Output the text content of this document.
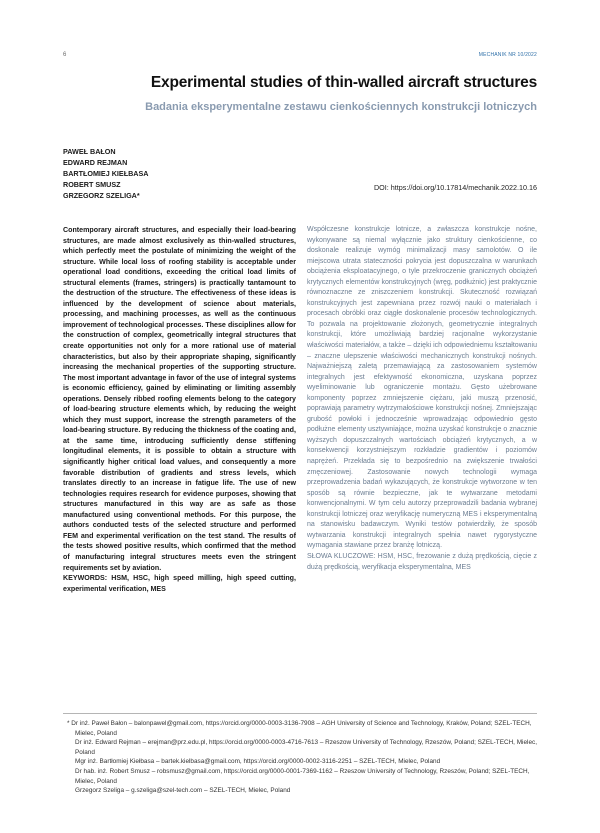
6	MECHANIK NR 10/2022
Experimental studies of thin-walled aircraft structures
Badania eksperymentalne zestawu cienkościennych konstrukcji lotniczych
PAWEŁ BAŁON
EDWARD REJMAN
BARTŁOMIEJ KIEŁBASA
ROBERT SMUSZ
GRZEGORZ SZELIGA*
DOI: https://doi.org/10.17814/mechanik.2022.10.16

Contemporary aircraft structures, and especially their load-bearing structures, are made almost exclusively as thin-walled structures, which perfectly meet the postulate of minimizing the weight of the structure. While local loss of roofing stability is acceptable under operational load conditions, exceeding the critical load limits of structural elements (frames, stringers) is practically tantamount to the destruction of the structure. The effectiveness of these ideas is influenced by the development of science about materials, processing, and machining processes, as well as the continuous improvement of technological processes. These disciplines allow for the construction of complex, geometrically integral structures that create opportunities not only for a more rational use of material characteristics, but also by their appropriate shaping, significantly increasing the mechanical properties of the supporting structure. The most important advantage in favor of the use of integral systems is economic efficiency, gained by eliminating or limiting assembly operations. Densely ribbed roofing elements belong to the category of load-bearing structure elements which, by reducing the weight which they must support, increase the strength parameters of the load-bearing structure. By reducing the thickness of the coating and, at the same time, introducing sufficiently dense stiffening longitudinal elements, it is possible to obtain a structure with significantly higher critical load values, and consequently a more favorable distribution of gradients and stress levels, which translates directly to an increase in fatigue life. The use of new technologies requires research for evidence purposes, showing that structures manufactured in this way are as safe as those manufactured using conventional methods. For this purpose, the authors conducted tests of the selected structure and performed FEM and experimental verification on the test stand. The results of the tests showed positive results, which confirmed that the method of manufacturing integral structures meets even the stringent requirements set by aviation.

KEYWORDS: HSM, HSC, high speed milling, high speed cutting, experimental verification, MES

Współczesne konstrukcje lotnicze, a zwłaszcza konstrukcje nośne, wykonywane są niemal wyłącznie jako struktury cienkościenne, co doskonale realizuje wymóg minimalizacji masy samolotów. O ile miejscowa utrata stateczności pokrycia jest dopuszczalna w warunkach obciążenia eksploatacyjnego, o tyle przekroczenie granicznych obciążeń krytycznych elementów konstrukcyjnych (wręg, podłużnic) jest praktycznie równoznaczne ze zniszczeniem konstrukcji. Skuteczność rozwiązań konstrukcyjnych jest zapewniana przez rozwój nauki o materiałach i procesach obróbki oraz ciągłe doskonalenie procesów technologicznych. To pozwala na projektowanie złożonych, geometrycznie integralnych konstrukcji, które umożliwiają bardziej racjonalne wykorzystanie właściwości materiałów, a także – dzięki ich odpowiedniemu kształtowaniu – znaczne ulepszenie właściwości mechanicznych konstrukcji nośnych. Najważniejszą zaletą przemawiającą za zastosowaniem systemów integralnych jest efektywność ekonomiczna, uzyskana poprzez wyeliminowanie lub ograniczenie montażu. Gęsto użebrowane komponenty poprzez zmniejszenie ciężaru, jaki muszą przenosić, poprawiają parametry wytrzymałościowe konstrukcji nośnej. Zmniejszając grubość powłoki i jednocześnie wprowadzając odpowiednio gęsto podłużne elementy usztywniające, można uzyskać konstrukcje o znacznie wyższych dopuszczalnych wartościach obciążeń krytycznych, a w konsekwencji korzystniejszym rozkładzie gradientów i poziomów naprężeń. Przekłada się to bezpośrednio na zwiększenie trwałości zmęczeniowej. Zastosowanie nowych technologii wymaga przeprowadzenia badań wykazujących, że konstrukcje wytworzone w ten sposób są równie bezpieczne, jak te wytwarzane metodami konwencjonalnymi. W tym celu autorzy przeprowadzili badania wybranej konstrukcji lotniczej oraz weryfikację numeryczną MES i eksperymentalną na stanowisku badawczym. Wyniki testów potwierdziły, że sposób wytwarzania konstrukcji integralnych spełnia nawet rygorystyczne wymagania stawiane przez branżę lotniczą.

SŁOWA KLUCZOWE: HSM, HSC, frezowanie z dużą prędkością, cięcie z dużą prędkością, weryfikacja eksperymentalna, MES

* Dr inż. Paweł Bałon – balonpawel@gmail.com, https://orcid.org/0000-0003-3136-7908 – AGH University of Science and Technology, Kraków, Poland; SZEL-TECH, Mielec, Poland

Dr inż. Edward Rejman – erejman@prz.edu.pl, https://orcid.org/0000-0003-4716-7613 – Rzeszow University of Technology, Rzeszów, Poland; SZEL-TECH, Mielec, Poland

Mgr inż. Bartłomiej Kiełbasa – bartek.kielbasa@gmail.com, https://orcid.org/0000-0002-3116-2251 – SZEL-TECH, Mielec, Poland

Dr hab. inż. Robert Smusz – robsmusz@gmail.com, https://orcid.org/0000-0001-7369-1162 – Rzeszow University of Technology, Rzeszów, Poland; SZEL-TECH, Mielec, Poland

Grzegorz Szeliga – g.szeliga@szel-tech.com – SZEL-TECH, Mielec, Poland
